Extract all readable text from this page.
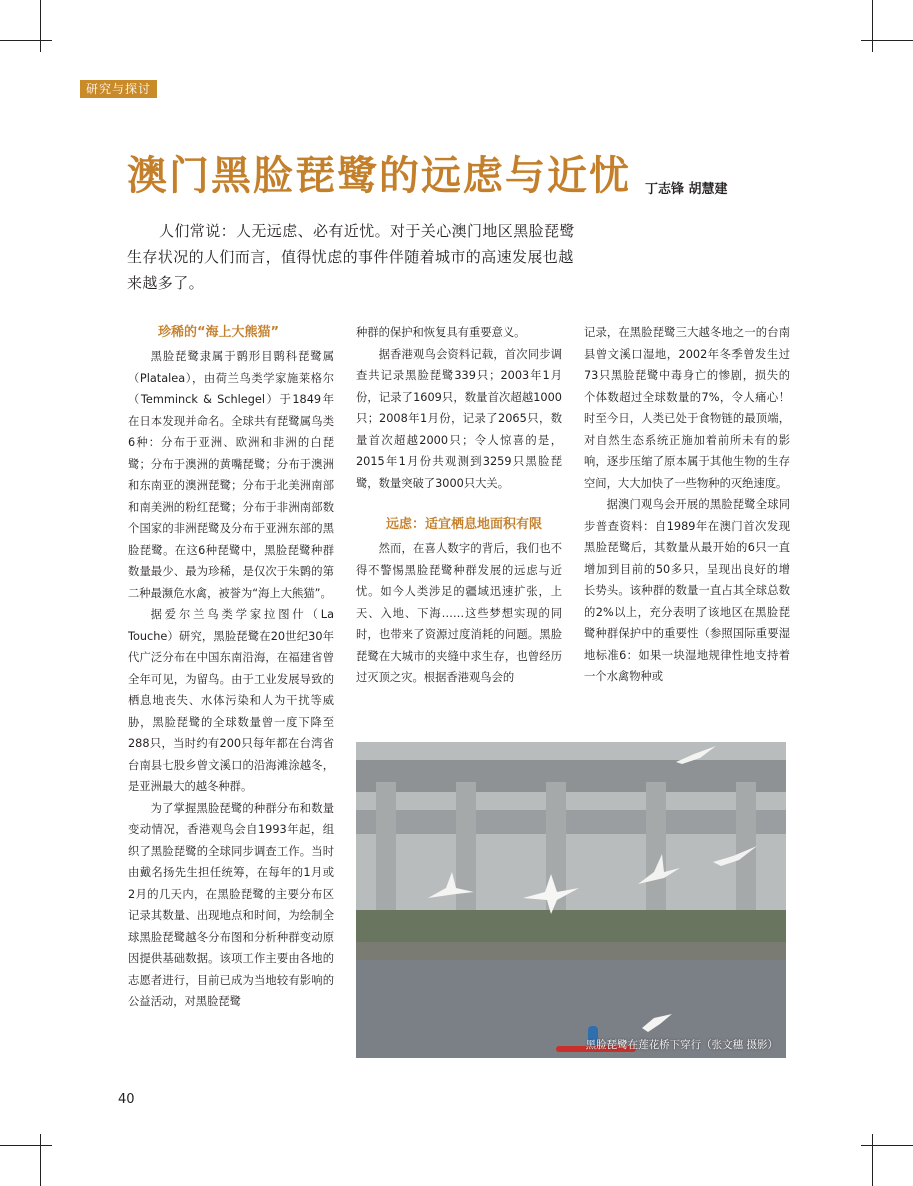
研究与探讨
澳门黑脸琵鹭的远虑与近忧 丁志锋 胡慧建
人们常说：人无远虑、必有近忧。对于关心澳门地区黑脸琵鹭生存状况的人们而言，值得忧虑的事件伴随着城市的高速发展也越来越多了。
珍稀的“海上大熊猫”

黑脸琵鹭隶属于鹮形目鹮科琵鹭属（Platalea），由荷兰鸟类学家施莱格尔（Temminck & Schlegel）于1849年在日本发现并命名。全球共有琵鹭属鸟类6种：分布于亚洲、欧洲和非洲的白琵鹭；分布于澳洲的黄嘴琵鹭；分布于澳洲和东南亚的澳洲琵鹭；分布于北美洲南部和南美洲的粉红琵鹭；分布于非洲南部数个国家的非洲琵鹭及分布于亚洲东部的黑脸琵鹭。在这6种琵鹭中，黑脸琵鹭种群数量最少、最为珍稀，是仅次于朱鹮的第二种最濒危水禽，被誉为“海上大熊猫”。

据爱尔兰鸟类学家拉图什（La Touche）研究，黑脸琵鹭在20世纪30年代广泛分布在中国东南沿海，在福建省曾全年可见，为留鸟。由于工业发展导致的栖息地丧失、水体污染和人为干扰等威胁，黑脸琵鹭的全球数量曾一度下降至288只，当时约有200只每年都在台湾省台南县七股乡曾文溪口的沿海滩涂越冬，是亚洲最大的越冬种群。

为了掌握黑脸琵鹭的种群分布和数量变动情况，香港观鸟会自1993年起，组织了黑脸琵鹭的全球同步调查工作。当时由戴名扬先生担任统筹，在每年的1月或2月的几天内，在黑脸琵鹭的主要分布区记录其数量、出现地点和时间，为绘制全球黑脸琵鹭越冬分布图和分析种群变动原因提供基础数据。该项工作主要由各地的志愿者进行，目前已成为当地较有影响的公益活动，对黑脸琵鹭

种群的保护和恢复具有重要意义。

据香港观鸟会资料记载，首次同步调查共记录黑脸琵鹭339只；2003年1月份，记录了1609只，数量首次超越1000只；2008年1月份，记录了2065只，数量首次超越2000只；令人惊喜的是，2015年1月份共观测到3259只黑脸琵鹭，数量突破了3000只大关。

远虑：适宜栖息地面积有限

然而，在喜人数字的背后，我们也不得不警惕黑脸琵鹭种群发展的远虑与近忧。如今人类涉足的疆域迅速扩张，上天、入地、下海……这些梦想实现的同时，也带来了资源过度消耗的问题。黑脸琵鹭在大城市的夹缝中求生存，也曾经历过灭顶之灾。根据香港观鸟会的

记录，在黑脸琵鹭三大越冬地之一的台南县曾文溪口湿地，2002年冬季曾发生过73只黑脸琵鹭中毒身亡的惨剧，损失的个体数超过全球数量的7%，令人痛心！时至今日，人类已处于食物链的最顶端，对自然生态系统正施加着前所未有的影响，逐步压缩了原本属于其他生物的生存空间，大大加快了一些物种的灭绝速度。

据澳门观鸟会开展的黑脸琵鹭全球同步普查资料：自1989年在澳门首次发现黑脸琵鹭后，其数量从最开始的6只一直增加到目前的50多只，呈现出良好的增长势头。该种群的数量一直占其全球总数的2%以上，充分表明了该地区在黑脸琵鹭种群保护中的重要性（参照国际重要湿地标准6：如果一块湿地规律性地支持着一个水禽物种或

黑脸琵鹭在莲花桥下穿行（张文穗 摄影）
40
